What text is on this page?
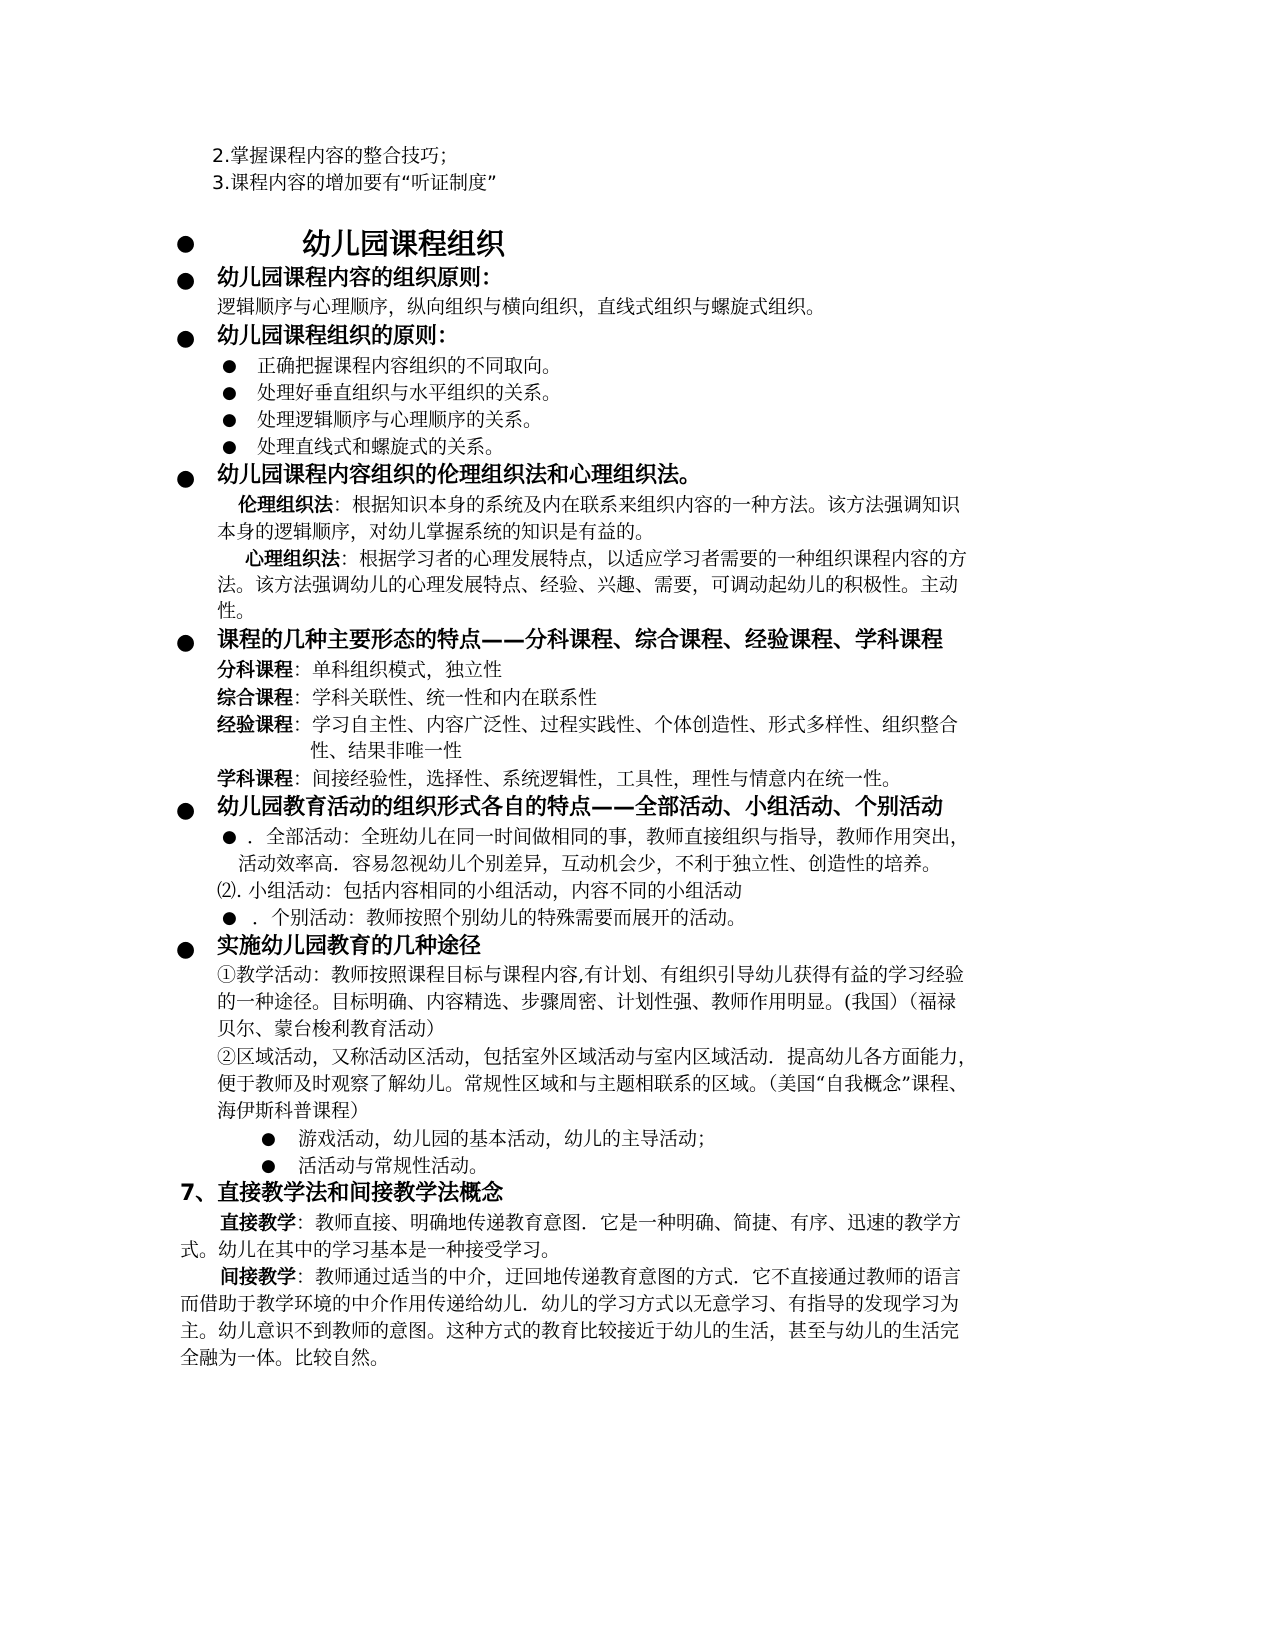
2.掌握课程内容的整合技巧；
3.课程内容的增加要有“听证制度”
●	幼儿园课程组织
● 幼儿园课程内容的组织原则：
逻辑顺序与心理顺序，纵向组织与横向组织，直线式组织与螺旋式组织。
● 幼儿园课程组织的原则：
● 正确把握课程内容组织的不同取向。
● 处理好垂直组织与水平组织的关系。
● 处理逻辑顺序与心理顺序的关系。
● 处理直线式和螺旋式的关系。
● 幼儿园课程内容组织的伦理组织法和心理组织法。
伦理组织法：根据知识本身的系统及内在联系来组织内容的一种方法。该方法强调知识
本身的逻辑顺序，对幼儿掌握系统的知识是有益的。
心理组织法：根据学习者的心理发展特点，以适应学习者需要的一种组织课程内容的方
法。该方法强调幼儿的心理发展特点、经验、兴趣、需要，可调动起幼儿的积极性。主动
性。
● 课程的几种主要形态的特点——分科课程、综合课程、经验课程、学科课程
分科课程：单科组织模式，独立性
综合课程：学科关联性、统一性和内在联系性
经验课程：学习自主性、内容广泛性、过程实践性、个体创造性、形式多样性、组织整合
性、结果非唯一性
学科课程：间接经验性，选择性、系统逻辑性，工具性，理性与情意内在统一性。
● 幼儿园教育活动的组织形式各自的特点——全部活动、小组活动、个别活动
● ．全部活动：全班幼儿在同一时间做相同的事，教师直接组织与指导，教师作用突出，
活动效率高．容易忽视幼儿个别差异，互动机会少，不利于独立性、创造性的培养。
⑵. 小组活动：包括内容相同的小组活动，内容不同的小组活动
● ．个别活动：教师按照个别幼儿的特殊需要而展开的活动。
● 实施幼儿园教育的几种途径
①教学活动：教师按照课程目标与课程内容,有计划、有组织引导幼儿获得有益的学习经验
的一种途径。目标明确、内容精选、步骤周密、计划性强、教师作用明显。(我国）（福禄
贝尔、蒙台梭利教育活动）
②区域活动，又称活动区活动，包括室外区域活动与室内区域活动．提高幼儿各方面能力，
便于教师及时观察了解幼儿。常规性区域和与主题相联系的区域。（美国“自我概念”课程、
海伊斯科普课程）
● 游戏活动，幼儿园的基本活动，幼儿的主导活动；
● 活活动与常规性活动。
7、直接教学法和间接教学法概念
直接教学：教师直接、明确地传递教育意图．它是一种明确、简捷、有序、迅速的教学方
式。幼儿在其中的学习基本是一种接受学习。
间接教学：教师通过适当的中介，迂回地传递教育意图的方式．它不直接通过教师的语言
而借助于教学环境的中介作用传递给幼儿．幼儿的学习方式以无意学习、有指导的发现学习为
主。幼儿意识不到教师的意图。这种方式的教育比较接近于幼儿的生活，甚至与幼儿的生活完
全融为一体。比较自然。
